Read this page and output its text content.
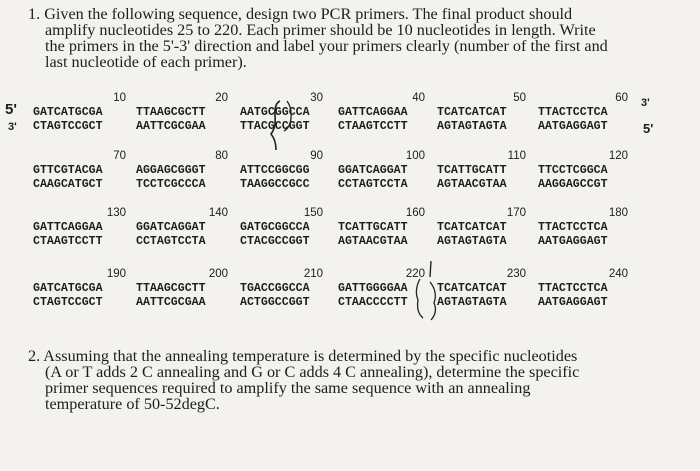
1. Given the following sequence, design two PCR primers. The final product should
amplify nucleotides 25 to 220. Each primer should be 10 nucleotides in length. Write
the primers in the 5'-3' direction and label your primers clearly (number of the first and
last nucleotide of each primer).
10	20	30	40	50	60
GATCATGCGA	TTAAGCGCTT	AATGCGGCCA GATTCAGGAA	TCATCATCAT	TTACTCCTCA
CTAGTCCGCT	AATTCGCGAA	TTACGCCGGT CTAAGTCCTT	AGTAGTAGTA	AATGAGGAGT
70	80	90	100	110	120
GTTCGTACGA	AGGAGCGGGT	ATTCCGGCGG GGATCAGGAT	TCATTGCATT	TTCCTCGGCA
CAAGCATGCT	TCCTCGCCCA	TAAGGCCGCC CCTAGTCCTA	AGTAACGTAA	AAGGAGCCGT
130	140	150	160	170	180
GATTCAGGAA	GGATCAGGAT	GATGCGGCCA TCATTGCATT	TCATCATCAT	TTACTCCTCA
CTAAGTCCTT	CCTAGTCCTA	CTACGCCGGT AGTAACGTAA	AGTAGTAGTA	AATGAGGAGT
190	200	210	220	230	240
GATCATGCGA	TTAAGCGCTT	TGACCGGCCA GATTGGGGAA	TCATCATCAT	TTACTCCTCA
CTAGTCCGCT	AATTCGCGAA	ACTGGCCGGT CTAACCCCTT	AGTAGTAGTA	AATGAGGAGT
5'
3'
3'
5'
2. Assuming that the annealing temperature is determined by the specific nucleotides
(A or T adds 2 C annealing and G or C adds 4 C annealing), determine the specific
primer sequences required to amplify the same sequence with an annealing
temperature of 50-52degC.
